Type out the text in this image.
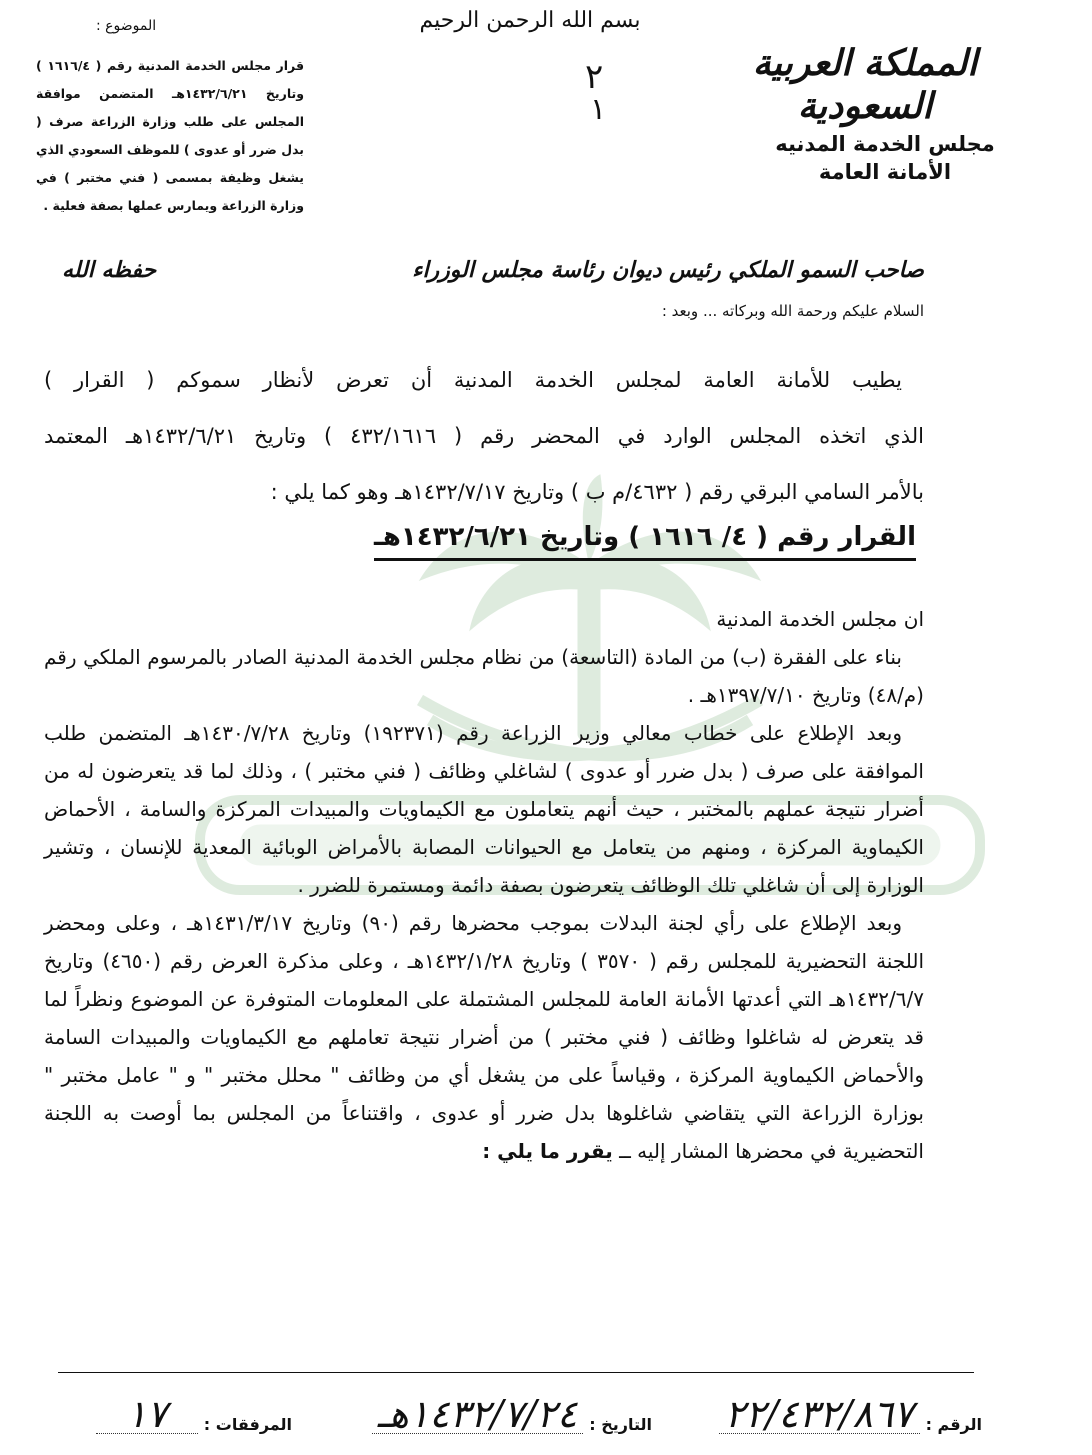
بسم الله الرحمن الرحيم
٢
١
المملكة العربية السعودية
مجلس الخدمة المدنيه
الأمانة العامة
الموضوع :
قرار مجلس الخدمة المدنية رقم ( ١٦١٦/٤ ) وتاريخ ١٤٣٢/٦/٢١هـ المتضمن موافقة المجلس على طلب وزارة الزراعة صرف ( بدل ضرر أو عدوى ) للموظف السعودي الذي يشغل وظيفة بمسمى ( فني مختبر ) في وزارة الزراعة ويمارس عملها بصفة فعلية .
صاحب السمو الملكي رئيس ديوان رئاسة مجلس الوزراء
حفظه الله
السلام عليكم ورحمة الله وبركاته ... وبعد :

يطيب للأمانة العامة لمجلس الخدمة المدنية أن تعرض لأنظار سموكم ( القرار )

الذي اتخذه المجلس الوارد في المحضر رقم ( ٤٣٢/١٦١٦ ) وتاريخ ١٤٣٢/٦/٢١هـ المعتمد

بالأمر السامي البرقي رقم ( ٤٦٣٢/م ب ) وتاريخ ١٤٣٢/٧/١٧هـ وهو كما يلي :

القرار رقم ( ٤/ ١٦١٦ ) وتاريخ ١٤٣٢/٦/٢١هـ

ان مجلس الخدمة المدنية

بناء على الفقرة (ب) من المادة (التاسعة) من نظام مجلس الخدمة المدنية الصادر بالمرسوم الملكي رقم (م/٤٨) وتاريخ ١٣٩٧/٧/١٠هـ .

وبعد الإطلاع على خطاب معالي وزير الزراعة رقم (١٩٢٣٧١) وتاريخ ١٤٣٠/٧/٢٨هـ المتضمن طلب الموافقة على صرف ( بدل ضرر أو عدوى ) لشاغلي وظائف ( فني مختبر ) ، وذلك لما قد يتعرضون له من أضرار نتيجة عملهم بالمختبر ، حيث أنهم يتعاملون مع الكيماويات والمبيدات المركزة والسامة ، الأحماض الكيماوية المركزة ، ومنهم من يتعامل مع الحيوانات المصابة بالأمراض الوبائية المعدية للإنسان ، وتشير الوزارة إلى أن شاغلي تلك الوظائف يتعرضون بصفة دائمة ومستمرة للضرر .

وبعد الإطلاع على رأي لجنة البدلات بموجب محضرها رقم (٩٠) وتاريخ ١٤٣١/٣/١٧هـ ، وعلى ومحضر اللجنة التحضيرية للمجلس رقم ( ٣٥٧٠ ) وتاريخ ١٤٣٢/١/٢٨هـ ، وعلى مذكرة العرض رقم (٤٦٥٠) وتاريخ ١٤٣٢/٦/٧هـ التي أعدتها الأمانة العامة للمجلس المشتملة على المعلومات المتوفرة عن الموضوع ونظراً لما قد يتعرض له شاغلوا وظائف ( فني مختبر ) من أضرار نتيجة تعاملهم مع الكيماويات والمبيدات السامة والأحماض الكيماوية المركزة ، وقياساً على من يشغل أي من وظائف " محلل مختبر " و " عامل مختبر " بوزارة الزراعة التي يتقاضي شاغلوها بدل ضرر أو عدوى ، واقتناعاً من المجلس بما أوصت به اللجنة التحضيرية في محضرها المشار إليه ــ يقرر ما يلي :

الرقم :
٢٢/٤٣٢/٨٦٧
التاريخ :
١٤٣٢/٧/٢٤هـ
المرفقات :
١٧
